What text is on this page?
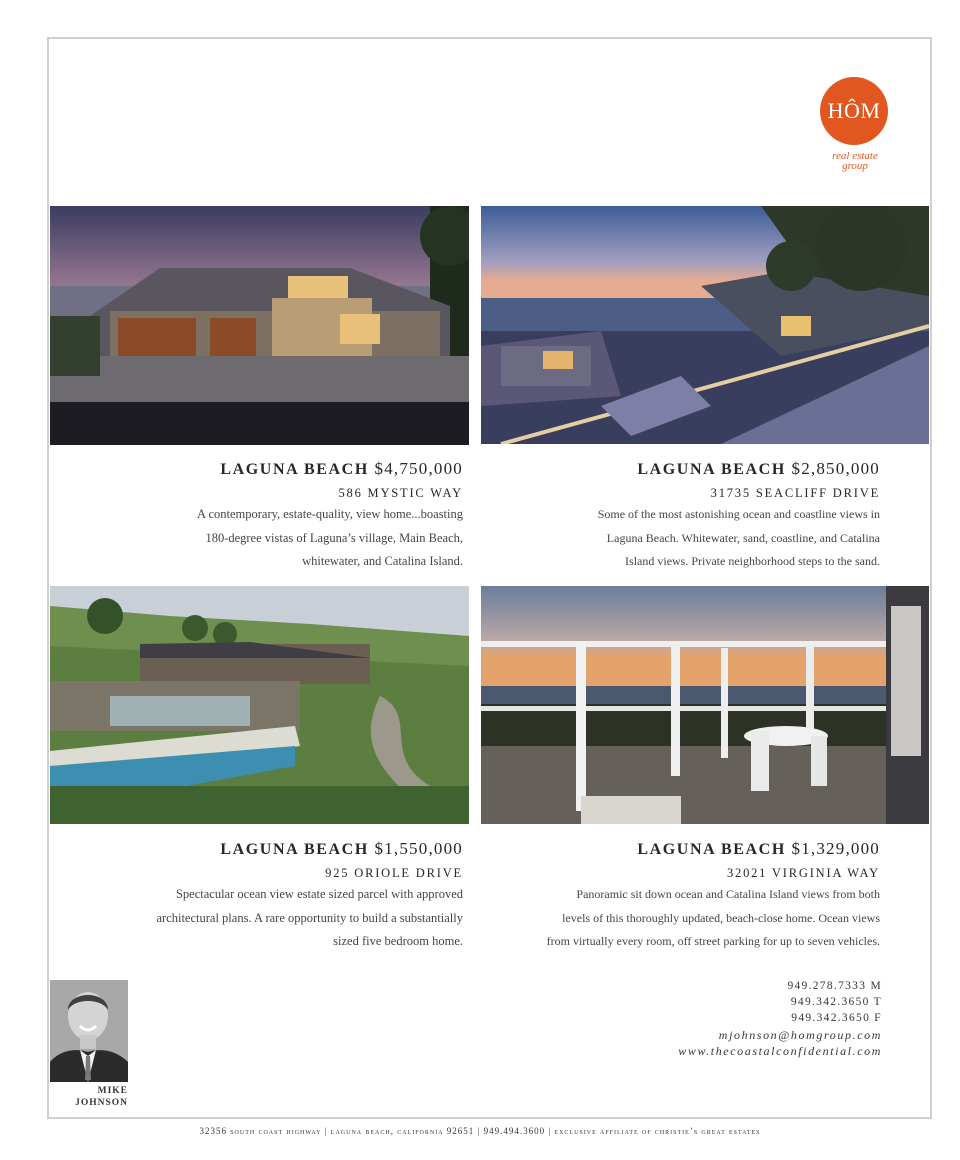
HÔM
real estate
group
LAGUNA BEACH $4,750,000
586 MYSTIC WAY
A contemporary, estate-quality, view home...boasting
180-degree vistas of Laguna’s village, Main Beach,
whitewater, and Catalina Island.
LAGUNA BEACH $2,850,000
31735 SEACLIFF DRIVE
Some of the most astonishing ocean and coastline views in
Laguna Beach. Whitewater, sand, coastline, and Catalina
Island views. Private neighborhood steps to the sand.
LAGUNA BEACH $1,550,000
925 ORIOLE DRIVE
Spectacular ocean view estate sized parcel with approved
architectural plans. A rare opportunity to build a substantially
sized five bedroom home.
LAGUNA BEACH $1,329,000
32021 VIRGINIA WAY
Panoramic sit down ocean and Catalina Island views from both
levels of this thoroughly updated, beach-close home. Ocean views
from virtually every room, off street parking for up to seven vehicles.
MIKE
JOHNSON
949.278.7333 M
949.342.3650 T
949.342.3650 F
mjohnson@homgroup.com
www.thecoastalconfidential.com
32356 south coast highway | laguna beach, california 92651 | 949.494.3600 | exclusive affiliate of christie’s great estates
